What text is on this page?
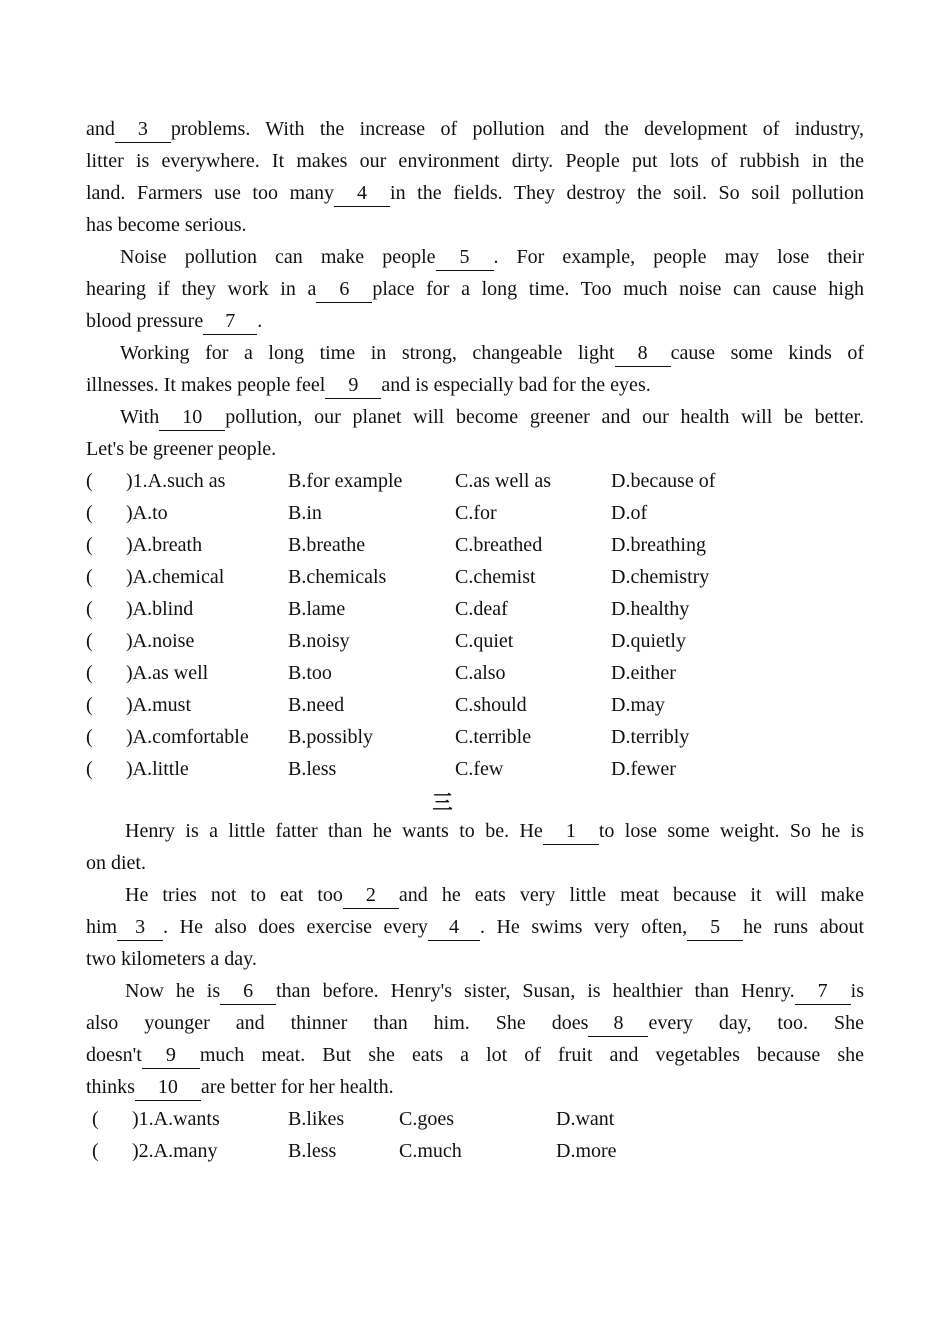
and 3 problems. With the increase of pollution and the development of industry,
litter is everywhere. It makes our environment dirty. People put lots of rubbish in the
land. Farmers use too many 4 in the fields. They destroy the soil. So soil pollution
has become serious.
Noise pollution can make people 5 . For example, people may lose their
hearing if they work in a 6 place for a long time. Too much noise can cause high
blood pressure 7 .
Working for a long time in strong, changeable light 8 cause some kinds of
illnesses. It makes people feel 9 and is especially bad for the eyes.
With 10 pollution, our planet will become greener and our health will be better.
Let's be greener people.
( )1.A.such as	B.for example	C.as well as	D.because of
( )A.to	B.in	C.for	D.of
( )A.breath	B.breathe	C.breathed	D.breathing
( )A.chemical	B.chemicals	C.chemist	D.chemistry
( )A.blind	B.lame	C.deaf	D.healthy
( )A.noise	B.noisy	C.quiet	D.quietly
( )A.as well	B.too	C.also	D.either
( )A.must	B.need	C.should	D.may
( )A.comfortable B.possibly	C.terrible	D.terribly
( )A.little	B.less	C.few	D.fewer
三
Henry is a little fatter than he wants to be. He 1 to lose some weight. So he is
on diet.
He tries not to eat too 2 and he eats very little meat because it will make
him 3 . He also does exercise every 4 . He swims very often, 5 he runs about
two kilometers a day.
Now he is 6 than before. Henry's sister, Susan, is healthier than Henry. 7 is
also younger and thinner than him. She does 8 every day, too. She
doesn't 9 much meat. But she eats a lot of fruit and vegetables because she
thinks 10 are better for her health.
( )1.A.wants	B.likes	C.goes	D.want
( )2.A.many	B.less	C.much	D.more
